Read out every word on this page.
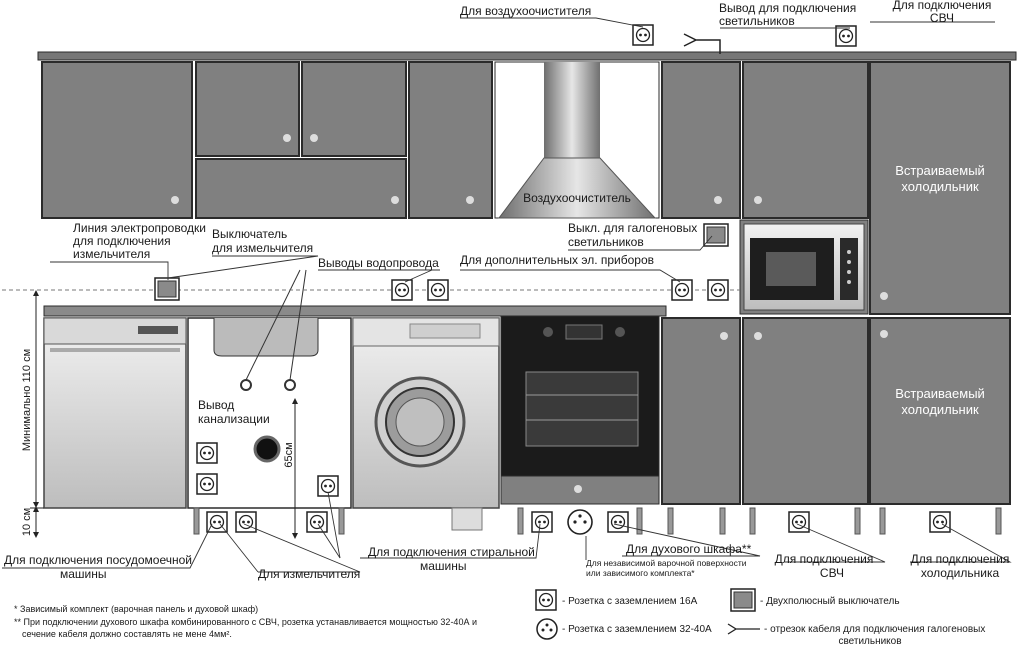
Воздухоочиститель
Встраиваемый
холодильник
Встраиваемый
холодильник
65см
Вывод
канализации
Минимально 110 см
10 см
Для воздухоочистителя	Вывод для подключения
светильников
Для подключения
СВЧ
Линия электропроводки
для подключения
измельчителя
Выключатель
для измельчителя
Выводы водопровода Для дополнительных эл. приборов
Выкл. для галогеновых
светильников
Для подключения посудомоечной
машины	Для измельчителя
Для подключения стиральной
машины
Для духового шкафа**
Для независимой варочной поверхности
или зависимого комплекта*
Для подключения
СВЧ
Для подключения
холодильника
* Зависимый комплект (варочная панель и духовой шкаф)
** При подключении духового шкафа комбинированного с СВЧ, розетка устанавливается мощностью 32-40А и
сечение кабеля должно составлять не мене 4мм².
- Розетка с заземлением 16А	- Двухполюсный выключатель
- Розетка с заземлением 32-40А	- отрезок кабеля для подключения галогеновых
светильников
